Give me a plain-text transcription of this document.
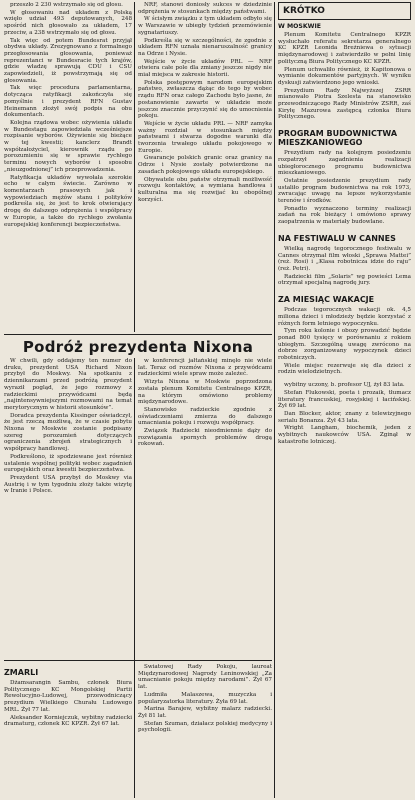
przeszło 2 230 wstrzymało się od głosu.

W głosowaniu nad układem z Polską wzięło udział 493 deputowanych, 248 spośród nich głosowało za układem, 17 przeciw, a 238 wstrzymało się od głosu.

Tak więc od potem Bundesrat przyjął obydwa układy. Zrezygnowano z formalnego przegłosowania głosowania, ponieważ reprezentanci w Bundesracie tych krajów, gdzie władzę sprawują CDU i CSU zapowiedzieli, iż powstrzymają się od głosowania.

Tak więc procedura parlamentarna, dotycząca ratyfikacji zakończyła się pomyślnie i prezydent RFN Gustav Heinemann złożył swój podpis na obu dokumentach.

Kolejna rządowa wobec ożywienia układu w Bundestagu zapowiedziała wcześniejsze rozpisanie wyborów. Ożywienie się bieżące w tej kwestii; kanclerz Brandt współzałożyciel, kierownik rządu po porozumieniu się w sprawie rychłego terminu nowych wyborów i sposobu „nieuzgodnionej” ich przeprowadzenia.

Ratyfikacja układów wywołała szerokie echo w całym świecie. Zarówno w komentarzach prasowych jak i wypowiedziach mężów stanu i polityków podkreśla się, że jest to krok otwierający drogę do dalszego odprężenia i współpracy w Europie, a także do rychłego zwołania europejskiej konferencji bezpieczeństwa.

NRF, stanowi doniosły sukces w dziedzinie odprężenia w stosunkach między państwami.

W ścisłym związku z tym układem odbyło się w Warszawie w ubiegły tydzień przemówienie sygnatariuszy.

Podkreśla się w szczególności, że zgodnie z układem RFN uznała nienaruszalność granicy na Odrze i Nysie.

Wejście w życie układów PRL — NRF otwiera całe pole dla zmiany jeszcze nigdy nie miał miejsca w zakresie historii.

Polska postępowym narodom europejskim państwo, zwłaszcza dążąc do tego by wobec rządu RFN oraz całego Zachodu było jasne, że postanowienie zawarte w układzie może jeszcze znacznie przyczynić się do umocnienia pokoju.

Wejście w życie układu PRL — NRF zamyka ważny rozdział w stosunkach między państwami i stwarza dogodne warunki dla tworzenia trwałego układu pokojowego w Europie.

Gwarancje polskich granic oraz granicy na Odrze i Nysie zostały potwierdzone na zasadach pokojowego układu europejskiego.

Obywatele obu państw otrzymali możliwość rozwoju kontaktów, a wymiana handlowa i kulturalna ma się rozwijać ku obopólnej korzyści.

KRÓTKO
W MOSKWIE

Plenum Komitetu Centralnego KPZR wysłuchało referatu sekretarza generalnego KC KPZR Leonida Breżniewa o sytuacji międzynarodowej i zatwierdziło w pełni linię polityczną Biura Politycznego KC KPZR.

Plenum uchwaliło również, iż Kapitonowa o wymianie dokumentów partyjnych. W wyniku dyskusji zatwierdzono jego wnioski.

Prezydium Rady Najwyższej ZSRR mianowało Piotra Szelesta na stanowisko przewodniczącego Rady Ministrów ZSRR, zaś Kiryłę Mazurowa zastępcą członka Biura Politycznego.

PROGRAM BUDOWNICTWA MIESZKANIOWEGO

Prezydium rady na kolejnym posiedzeniu rozpatrzył zagadnienia realizacji ubiegłorocznego programu budownictwa mieszkaniowego.

Ostatnie posiedzenie prezydium rady ustaliło program budownictwa na rok 1973, zwracając uwagę na lepsze wykorzystanie terenów i środków.

Ponadto wyznaczono terminy realizacji zadań na rok bieżący i omówiono sprawy zaopatrzenia w materiały budowlane.

NA FESTIWALU W CANNES

Wielką nagrodę tegorocznego festiwalu w Cannes otrzymał film włoski „Sprawa Mattei” (reż. Rosi) i „Klasa robotnicza idzie do raju” (reż. Petri).

Radziecki film „Solaris” wg powieści Lema otrzymał specjalną nagrodę jury.

ZA MIESIĄC WAKACJE

Podczas tegorocznych wakacji ok. 4,5 miliona dzieci i młodzieży będzie korzystać z różnych form letniego wypoczynku.

Tym roku kolonie i obozy prowadzić będzie ponad 800 tysięcy w porównaniu z rokiem ubiegłym. Szczególną uwagę zwrócono na dobrze zorganizowany wypoczynek dzieci robotniczych.

Wiele miejsc rezerwuje się dla dzieci z rodzin wielodzietnych.

wybitny uczony, b. profesor UJ, żył 83 lata.

Stefan Flukowski, poeta i prozaik, tłumacz literatury francuskiej, rosyjskiej i łacińskiej. Żył 69 lat.

Dan Blocker, aktor, znany z telewizyjnego serialu Bonanza. Żył 43 lata.

Wright Langham, biochemik, jeden z wybitnych naukowców USA. Zginął w katastrofie lotniczej.

Podróż prezydenta Nixona

W chwili, gdy oddajemy ten numer do druku, prezydent USA Richard Nixon przybył do Moskwy. Na spotkaniu z dziennikarzami przed podróżą prezydent wyraził pogląd, że jego rozmowy z radzieckimi przywódcami będą „najintensywniejszymi rozmowami na temat merytorycznym w historii stosunków”.

Doradca prezydenta Kissinger oświadczył, że jest rzeczą możliwą, że w czasie pobytu Nixona w Moskwie zostanie podpisany szereg porozumień dotyczących ograniczenia zbrojeń strategicznych i współpracy handlowej.

Podkreślono, iż spodziewane jest również ustalenie wspólnej polityki wobec zagadnień europejskich oraz kwestii bezpieczeństwa.

Prezydent USA przybył do Moskwy via Austrię i w tym tygodniu złoży także wizytę w Iranie i Polsce.

w konferencji jałtańskiej minęło nie wiele lat. Teraz od rozmów Nixona z przywódcami radzieckimi wiele spraw może zależeć.

Wizyta Nixona w Moskwie poprzedzona została plenum Komitetu Centralnego KPZR, na którym omówiono problemy międzynarodowe.

Stanowisko radzieckie zgodnie z oświadczeniami zmierza do dalszego umacniania pokoju i rozwoju współpracy.

Związek Radziecki nieodmiennie dąży do rozwiązania spornych problemów drogą rokowań.

ZMARLI

Dżamsarangin Sambu, członek Biura Politycznego KC Mongolskiej Partii Rewolucyjno-Ludowej, przewodniczący prezydium Wielkiego Churału Ludowego MRL. Żył 77 lat.

Aleksander Korniejczuk, wybitny radziecki dramaturg, członek KC KPZR. Żył 67 lat.

Światowej Rady Pokoju, laureat Międzynarodowej Nagrody Leninowskiej „Za umacnianie pokoju między narodami”. Żył 67 lat.

Ludmiła Malaszewa, muzyczka i popularyzatorka literatury. Żyła 69 lat.

Marina Barajew, wybitny malarz radziecki. Żył 81 lat.

Stefan Szuman, działacz polskiej medycyny i psychologii.
